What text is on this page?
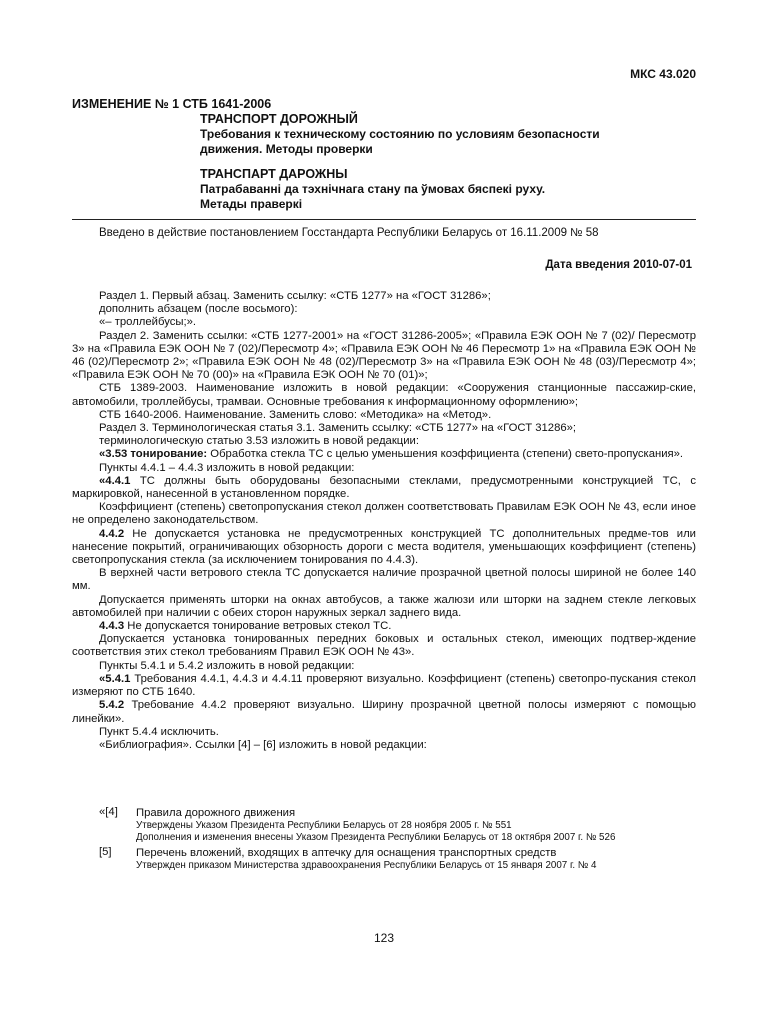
МКС 43.020
ИЗМЕНЕНИЕ № 1 СТБ 1641-2006
ТРАНСПОРТ ДОРОЖНЫЙ
Требования к техническому состоянию по условиям безопасности
движения. Методы проверки
ТРАНСПАРТ ДАРОЖНЫ
Патрабаванні да тэхнічнага стану па ўмовах бяспекі руху.
Метады праверкі
Введено в действие постановлением Госстандарта Республики Беларусь от 16.11.2009 № 58
Дата введения 2010-07-01

Раздел 1. Первый абзац. Заменить ссылку: «СТБ 1277» на «ГОСТ 31286»;

дополнить абзацем (после восьмого):

«– троллейбусы;».

Раздел 2. Заменить ссылки: «СТБ 1277-2001» на «ГОСТ 31286-2005»; «Правила ЕЭК ООН № 7 (02)/ Пересмотр 3» на «Правила ЕЭК ООН № 7 (02)/Пересмотр 4»; «Правила ЕЭК ООН № 46 Пересмотр 1» на «Правила ЕЭК ООН № 46 (02)/Пересмотр 2»; «Правила ЕЭК ООН № 48 (02)/Пересмотр 3» на «Правила ЕЭК ООН № 48 (03)/Пересмотр 4»; «Правила ЕЭК ООН № 70 (00)» на «Правила ЕЭК ООН № 70 (01)»;

СТБ 1389-2003. Наименование изложить в новой редакции: «Сооружения станционные пассажир-ские, автомобили, троллейбусы, трамваи. Основные требования к информационному оформлению»;

СТБ 1640-2006. Наименование. Заменить слово: «Методика» на «Метод».

Раздел 3. Терминологическая статья 3.1. Заменить ссылку: «СТБ 1277» на «ГОСТ 31286»;

терминологическую статью 3.53 изложить в новой редакции:

«3.53 тонирование: Обработка стекла ТС с целью уменьшения коэффициента (степени) свето-пропускания».

Пункты 4.4.1 – 4.4.3 изложить в новой редакции:

«4.4.1 ТС должны быть оборудованы безопасными стеклами, предусмотренными конструкцией ТС, с маркировкой, нанесенной в установленном порядке.

Коэффициент (степень) светопропускания стекол должен соответствовать Правилам ЕЭК ООН № 43, если иное не определено законодательством.

4.4.2 Не допускается установка не предусмотренных конструкцией ТС дополнительных предме-тов или нанесение покрытий, ограничивающих обзорность дороги с места водителя, уменьшающих коэффициент (степень) светопропускания стекла (за исключением тонирования по 4.4.3).

В верхней части ветрового стекла ТС допускается наличие прозрачной цветной полосы шириной не более 140 мм.

Допускается применять шторки на окнах автобусов, а также жалюзи или шторки на заднем стекле легковых автомобилей при наличии с обеих сторон наружных зеркал заднего вида.

4.4.3 Не допускается тонирование ветровых стекол ТС.

Допускается установка тонированных передних боковых и остальных стекол, имеющих подтвер-ждение соответствия этих стекол требованиям Правил ЕЭК ООН № 43».

Пункты 5.4.1 и 5.4.2 изложить в новой редакции:

«5.4.1 Требования 4.4.1, 4.4.3 и 4.4.11 проверяют визуально. Коэффициент (степень) светопро-пускания стекол измеряют по СТБ 1640.

5.4.2 Требование 4.4.2 проверяют визуально. Ширину прозрачной цветной полосы измеряют с помощью линейки».

Пункт 5.4.4 исключить.

«Библиография». Ссылки [4] – [6] изложить в новой редакции:

«[4]	Правила дорожного движения
Утверждены Указом Президента Республики Беларусь от 28 ноября 2005 г. № 551
Дополнения и изменения внесены Указом Президента Республики Беларусь от 18 октября 2007 г. № 526
[5]	Перечень вложений, входящих в аптечку для оснащения транспортных средств
Утвержден приказом Министерства здравоохранения Республики Беларусь от 15 января 2007 г. № 4
123
